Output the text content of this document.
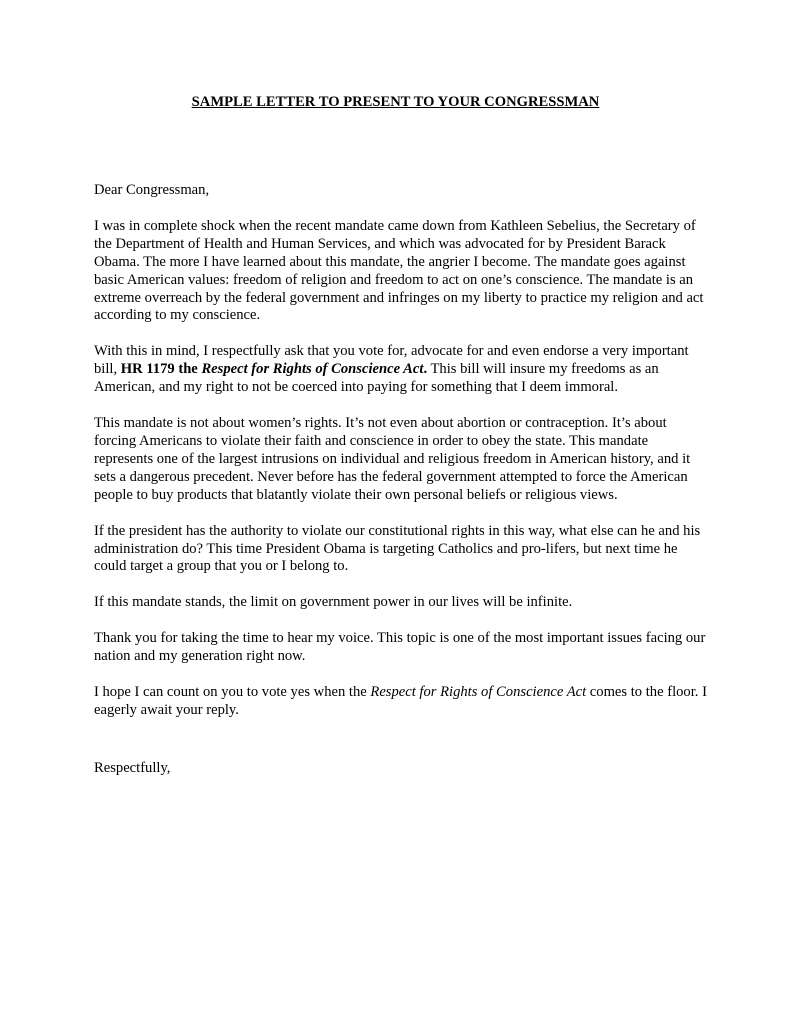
SAMPLE LETTER TO PRESENT TO YOUR CONGRESSMAN

Dear Congressman,

I was in complete shock when the recent mandate came down from Kathleen Sebelius, the Secretary of the Department of Health and Human Services, and which was advocated for by President Barack Obama. The more I have learned about this mandate, the angrier I become. The mandate goes against basic American values: freedom of religion and freedom to act on one’s conscience. The mandate is an extreme overreach by the federal government and infringes on my liberty to practice my religion and act according to my conscience.

With this in mind, I respectfully ask that you vote for, advocate for and even endorse a very important bill, HR 1179 the Respect for Rights of Conscience Act. This bill will insure my freedoms as an American, and my right to not be coerced into paying for something that I deem immoral.

This mandate is not about women’s rights. It’s not even about abortion or contraception. It’s about forcing Americans to violate their faith and conscience in order to obey the state. This mandate represents one of the largest intrusions on individual and religious freedom in American history, and it sets a dangerous precedent. Never before has the federal government attempted to force the American people to buy products that blatantly violate their own personal beliefs or religious views.

If the president has the authority to violate our constitutional rights in this way, what else can he and his administration do? This time President Obama is targeting Catholics and pro-lifers, but next time he could target a group that you or I belong to.

If this mandate stands, the limit on government power in our lives will be infinite.

Thank you for taking the time to hear my voice. This topic is one of the most important issues facing our nation and my generation right now.

I hope I can count on you to vote yes when the Respect for Rights of Conscience Act comes to the floor. I eagerly await your reply.

Respectfully,
